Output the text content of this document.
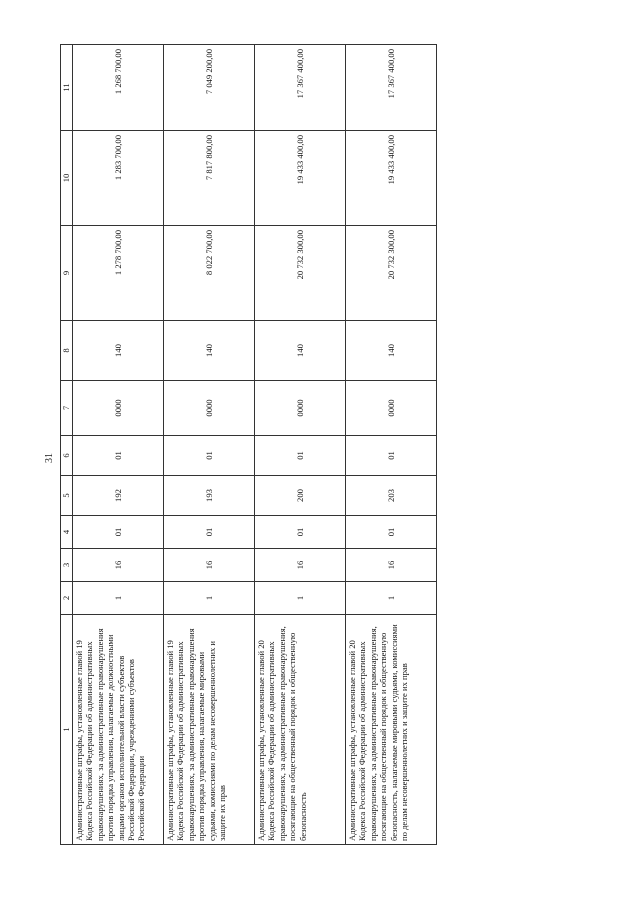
31
1	2	3	4	5	6	7	8	9	10	11
Административные штрафы, установленные главой 19 Кодекса Российской Федерации об административных правонарушениях, за административные правонарушения против порядка управления, налагаемые должностными лицами органов исполнительной власти субъектов Российской Федерации, учреждениями субъектов Российской Федерации	1	16	01	192	01	0000	140	1 278 700,00	1 283 700,00	1 268 700,00
Административные штрафы, установленные главой 19 Кодекса Российской Федерации об административных правонарушениях, за административные правонарушения против порядка управления, налагаемые мировыми судьями, комиссиями по делам несовершеннолетних и защите их прав	1	16	01	193	01	0000	140	8 022 700,00	7 817 800,00	7 049 200,00
Административные штрафы, установленные главой 20 Кодекса Российской Федерации об административных правонарушениях, за административные правонарушения, посягающие на общественный порядок и общественную безопасность	1	16	01	200	01	0000	140	20 732 300,00	19 433 400,00	17 367 400,00
Административные штрафы, установленные главой 20 Кодекса Российской Федерации об административных правонарушениях, за административные правонарушения, посягающие на общественный порядок и общественную безопасность, налагаемые мировыми судьями, комиссиями по делам несовершеннолетних и защите их прав	1	16	01	203	01	0000	140	20 732 300,00	19 433 400,00	17 367 400,00
